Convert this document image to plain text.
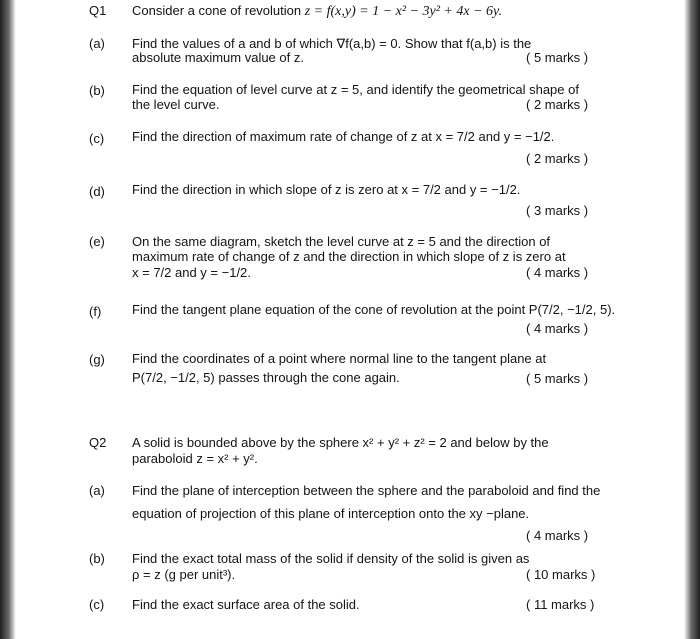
Q1 Consider a cone of revolution z = f(x,y) = 1 − x² − 3y² + 4x − 6y.
(a) Find the values of a and b of which ∇f(a,b) = 0. Show that f(a,b) is the
absolute maximum value of z.	( 5 marks )
(b) Find the equation of level curve at z = 5, and identify the geometrical shape of
the level curve.	( 2 marks )
(c) Find the direction of maximum rate of change of z at x = 7/2 and y = −1/2.
( 2 marks )
(d) Find the direction in which slope of z is zero at x = 7/2 and y = −1/2.
( 3 marks )
(e) On the same diagram, sketch the level curve at z = 5 and the direction of
maximum rate of change of z and the direction in which slope of z is zero at
x = 7/2 and y = −1/2.	( 4 marks )
(f) Find the tangent plane equation of the cone of revolution at the point P(7/2, −1/2, 5).
( 4 marks )
(g) Find the coordinates of a point where normal line to the tangent plane at
P(7/2, −1/2, 5) passes through the cone again.	( 5 marks )
Q2 A solid is bounded above by the sphere x² + y² + z² = 2 and below by the
paraboloid z = x² + y².
(a) Find the plane of interception between the sphere and the paraboloid and find the
equation of projection of this plane of interception onto the xy −plane.
( 4 marks )
(b) Find the exact total mass of the solid if density of the solid is given as
ρ = z (g per unit³).	( 10 marks )
(c) Find the exact surface area of the solid.	( 11 marks )
